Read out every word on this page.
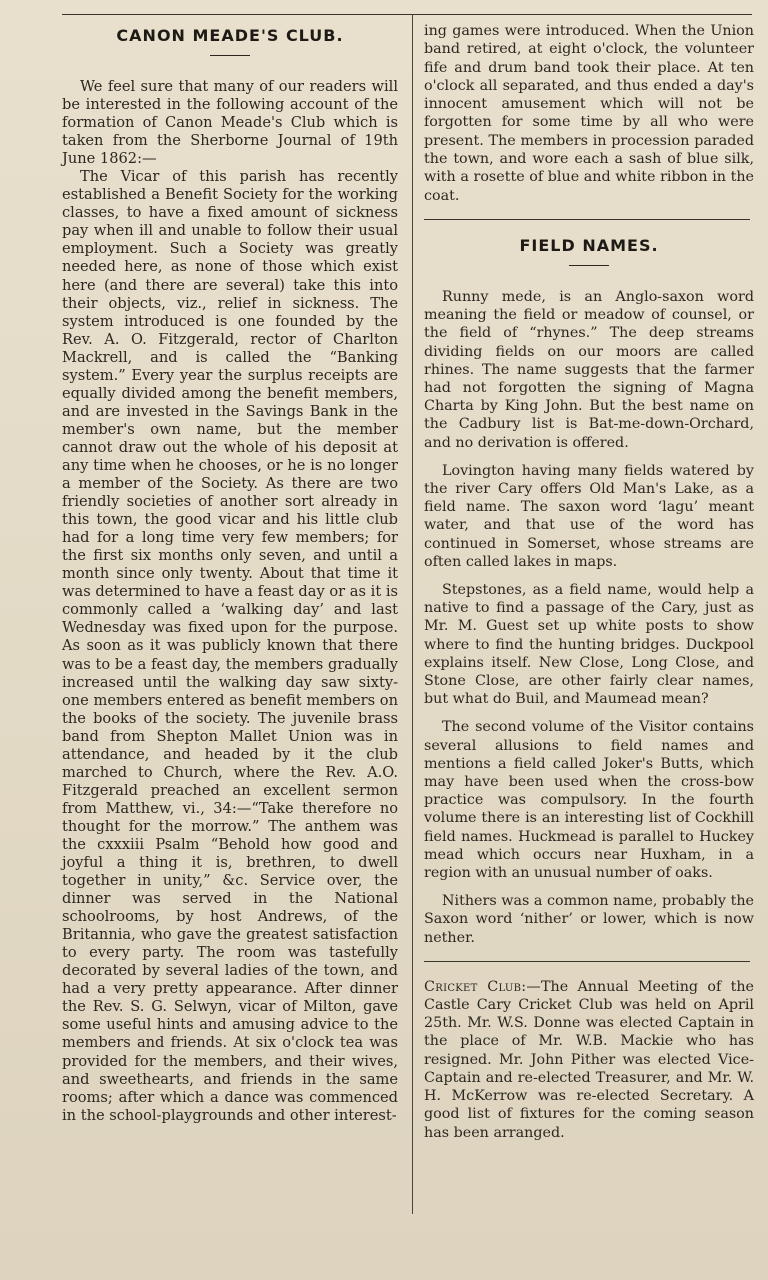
CANON MEADE'S CLUB.

We feel sure that many of our readers will be interested in the following account of the formation of Canon Meade's Club which is taken from the Sherborne Journal of 19th June 1862:—

The Vicar of this parish has recently established a Benefit Society for the working classes, to have a fixed amount of sickness pay when ill and unable to follow their usual employment. Such a Society was greatly needed here, as none of those which exist here (and there are several) take this into their objects, viz., relief in sickness. The system introduced is one founded by the Rev. A. O. Fitzgerald, rector of Charlton Mackrell, and is called the “Banking system.” Every year the surplus receipts are equally divided among the benefit members, and are invested in the Savings Bank in the member's own name, but the member cannot draw out the whole of his deposit at any time when he chooses, or he is no longer a member of the Society. As there are two friendly societies of another sort already in this town, the good vicar and his little club had for a long time very few members; for the first six months only seven, and until a month since only twenty. About that time it was determined to have a feast day or as it is commonly called a ‘walking day’ and last Wednesday was fixed upon for the purpose. As soon as it was publicly known that there was to be a feast day, the members gradually increased until the walking day saw sixty-one members entered as benefit members on the books of the society. The juvenile brass band from Shepton Mallet Union was in attendance, and headed by it the club marched to Church, where the Rev. A.O. Fitzgerald preached an excellent sermon from Matthew, vi., 34:—“Take therefore no thought for the morrow.” The anthem was the cxxxiii Psalm “Behold how good and joyful a thing it is, brethren, to dwell together in unity,” &c. Service over, the dinner was served in the National schoolrooms, by host Andrews, of the Britannia, who gave the greatest satisfaction to every party. The room was tastefully decorated by several ladies of the town, and had a very pretty appearance. After dinner the Rev. S. G. Selwyn, vicar of Milton, gave some useful hints and amusing advice to the members and friends. At six o'clock tea was provided for the members, and their wives, and sweethearts, and friends in the same rooms; after which a dance was commenced in the school-playgrounds and other interest-

ing games were introduced. When the Union band retired, at eight o'clock, the volunteer fife and drum band took their place. At ten o'clock all separated, and thus ended a day's innocent amusement which will not be forgotten for some time by all who were present. The members in procession paraded the town, and wore each a sash of blue silk, with a rosette of blue and white ribbon in the coat.

FIELD NAMES.

Runny mede, is an Anglo-saxon word meaning the field or meadow of counsel, or the field of “rhynes.” The deep streams dividing fields on our moors are called rhines. The name suggests that the farmer had not forgotten the signing of Magna Charta by King John. But the best name on the Cadbury list is Bat-me-down-Orchard, and no derivation is offered.

Lovington having many fields watered by the river Cary offers Old Man's Lake, as a field name. The saxon word ‘lagu’ meant water, and that use of the word has continued in Somerset, whose streams are often called lakes in maps.

Stepstones, as a field name, would help a native to find a passage of the Cary, just as Mr. M. Guest set up white posts to show where to find the hunting bridges. Duckpool explains itself. New Close, Long Close, and Stone Close, are other fairly clear names, but what do Buil, and Maumead mean?

The second volume of the Visitor contains several allusions to field names and mentions a field called Joker's Butts, which may have been used when the cross-bow practice was compulsory. In the fourth volume there is an interesting list of Cockhill field names. Huckmead is parallel to Huckey mead which occurs near Huxham, in a region with an unusual number of oaks.

Nithers was a common name, probably the Saxon word ‘nither’ or lower, which is now nether.

Cricket Club:—The Annual Meeting of the Castle Cary Cricket Club was held on April 25th. Mr. W.S. Donne was elected Captain in the place of Mr. W.B. Mackie who has resigned. Mr. John Pither was elected Vice-Captain and re-elected Treasurer, and Mr. W. H. McKerrow was re-elected Secretary. A good list of fixtures for the coming season has been arranged.
